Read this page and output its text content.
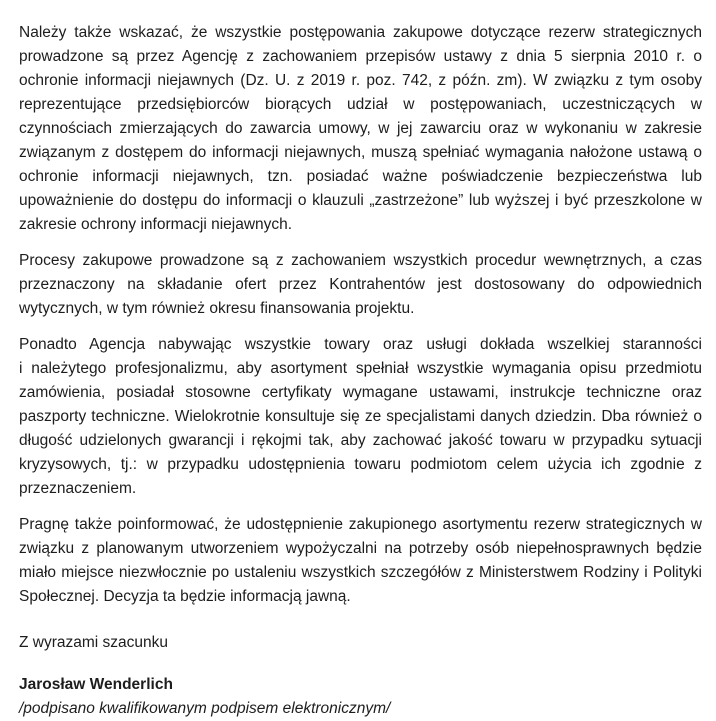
Należy także wskazać, że wszystkie postępowania zakupowe dotyczące rezerw strategicznych prowadzone są przez Agencję z zachowaniem przepisów ustawy z dnia 5 sierpnia 2010 r. o ochronie informacji niejawnych (Dz. U. z 2019 r. poz. 742, z późn. zm). W związku z tym osoby reprezentujące przedsiębiorców biorących udział w postępowaniach, uczestniczących w czynnościach zmierzających do zawarcia umowy, w jej zawarciu oraz w wykonaniu w zakresie związanym z dostępem do informacji niejawnych, muszą spełniać wymagania nałożone ustawą o ochronie informacji niejawnych, tzn. posiadać ważne poświadczenie bezpieczeństwa lub upoważnienie do dostępu do informacji o klauzuli „zastrzeżone” lub wyższej i być przeszkolone w zakresie ochrony informacji niejawnych.

Procesy zakupowe prowadzone są z zachowaniem wszystkich procedur wewnętrznych, a czas przeznaczony na składanie ofert przez Kontrahentów jest dostosowany do odpowiednich wytycznych, w tym również okresu finansowania projektu.

Ponadto Agencja nabywając wszystkie towary oraz usługi dokłada wszelkiej staranności i należytego profesjonalizmu, aby asortyment spełniał wszystkie wymagania opisu przedmiotu zamówienia, posiadał stosowne certyfikaty wymagane ustawami, instrukcje techniczne oraz paszporty techniczne. Wielokrotnie konsultuje się ze specjalistami danych dziedzin. Dba również o długość udzielonych gwarancji i rękojmi tak, aby zachować jakość towaru w przypadku sytuacji kryzysowych, tj.: w przypadku udostępnienia towaru podmiotom celem użycia ich zgodnie z przeznaczeniem.

Pragnę także poinformować, że udostępnienie zakupionego asortymentu rezerw strategicznych w związku z planowanym utworzeniem wypożyczalni na potrzeby osób niepełnosprawnych będzie miało miejsce niezwłocznie po ustaleniu wszystkich szczegółów z Ministerstwem Rodziny i Polityki Społecznej. Decyzja ta będzie informacją jawną.

Z wyrazami szacunku

Jarosław Wenderlich

/podpisano kwalifikowanym podpisem elektronicznym/
